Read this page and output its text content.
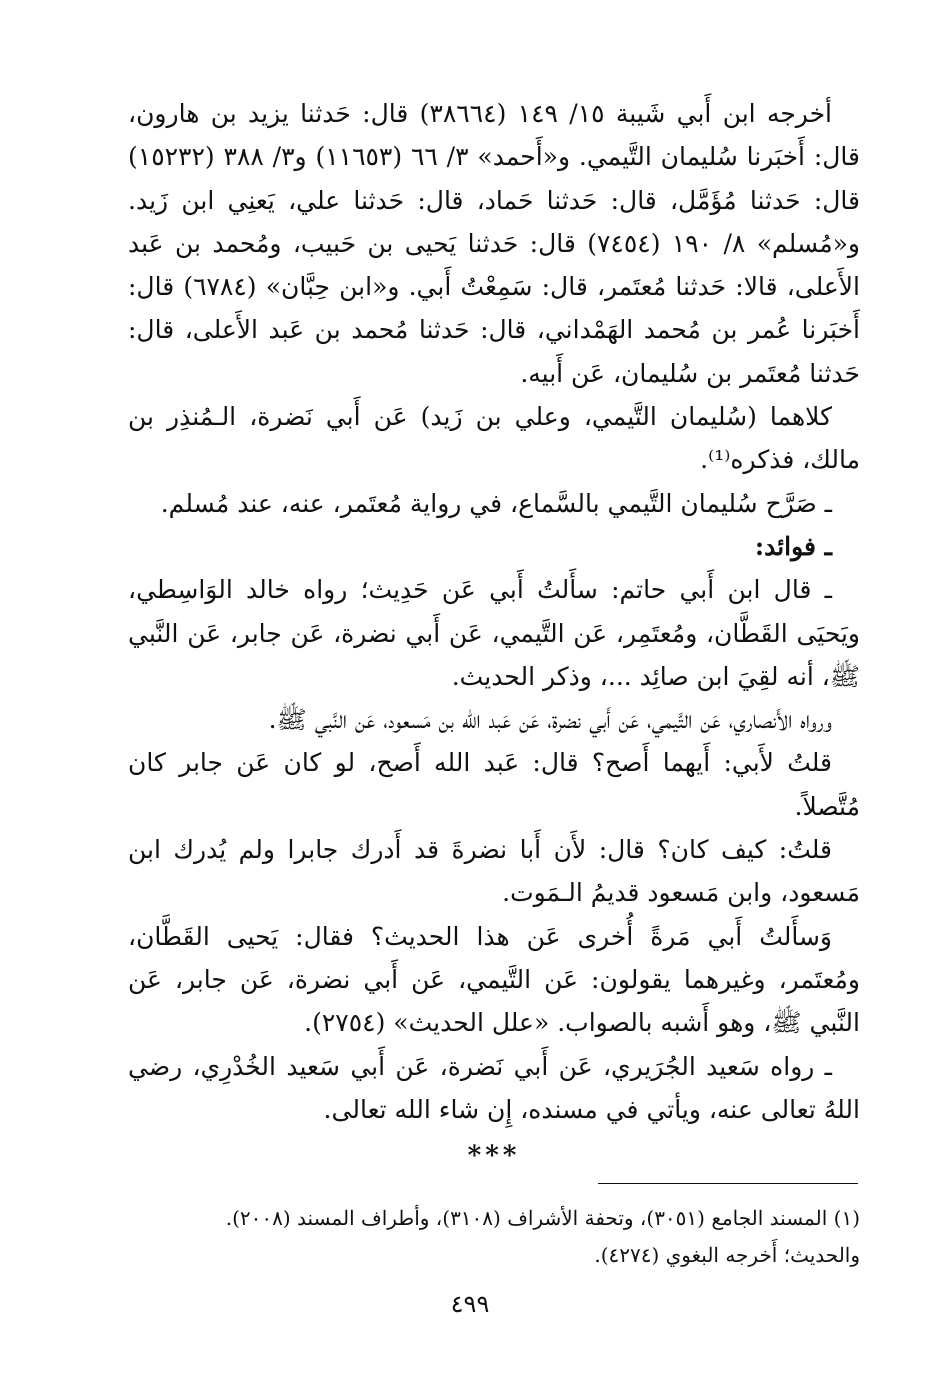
أخرجه ابن أَبي شَيبة ١٥/ ١٤٩ (٣٨٦٦٤) قال: حَدثنا يزيد بن هارون، قال: أَخبَرنا سُليمان التَّيمي. و«أَحمد» ٣/ ٦٦ (١١٦٥٣) و٣/ ٣٨٨ (١٥٢٣٢) قال: حَدثنا مُؤَمَّل، قال: حَدثنا حَماد، قال: حَدثنا علي، يَعنِي ابن زَيد. و«مُسلم» ٨/ ١٩٠ (٧٤٥٤) قال: حَدثنا يَحيى بن حَبيب، ومُحمد بن عَبد الأَعلى، قالا: حَدثنا مُعتَمر، قال: سَمِعْتُ أَبي. و«ابن حِبَّان» (٦٧٨٤) قال: أَخبَرنا عُمر بن مُحمد الهَمْداني، قال: حَدثنا مُحمد بن عَبد الأَعلى، قال: حَدثنا مُعتَمر بن سُليمان، عَن أَبيه.

كلاهما (سُليمان التَّيمي، وعلي بن زَيد) عَن أَبي نَضرة، الـمُنذِر بن مالك، فذكره⁽¹⁾.

ـ صَرَّح سُليمان التَّيمي بالسَّماع، في رواية مُعتَمر، عنه، عند مُسلم.

ـ فوائد:

ـ قال ابن أَبي حاتم: سأَلتُ أَبي عَن حَدِيث؛ رواه خالد الوَاسِطي، ويَحيَى القَطَّان، ومُعتَمِر، عَن التَّيمي، عَن أَبي نضرة، عَن جابر، عَن النَّبي ﷺ، أنه لقِيَ ابن صائِد ...، وذكر الحديث.

ورواه الأَنصاري، عَن التَّيمي، عَن أَبي نضرة، عَن عَبد الله بن مَسعود، عَن النَّبي ﷺ.

قلتُ لأَبي: أَيهما أَصح؟ قال: عَبد الله أَصح، لو كان عَن جابر كان مُتَّصلاً.

قلتُ: كيف كان؟ قال: لأَن أَبا نضرةَ قد أَدرك جابرا ولم يُدرك ابن مَسعود، وابن مَسعود قديمُ الـمَوت.

وَسأَلتُ أَبي مَرةً أُخرى عَن هذا الحديث؟ فقال: يَحيى القَطَّان، ومُعتَمر، وغيرهما يقولون: عَن التَّيمي، عَن أَبي نضرة، عَن جابر، عَن النَّبي ﷺ، وهو أَشبه بالصواب. «علل الحديث» (٢٧٥٤).

ـ رواه سَعيد الجُرَيري، عَن أَبي نَضرة، عَن أَبي سَعيد الخُدْرِي، رضي اللهُ تعالى عنه، ويأتي في مسنده، إِن شاء الله تعالى.

***

(١) المسند الجامع (٣٠٥١)، وتحفة الأشراف (٣١٠٨)، وأطراف المسند (٢٠٠٨).

والحديث؛ أَخرجه البغوي (٤٢٧٤).

٤٩٩
